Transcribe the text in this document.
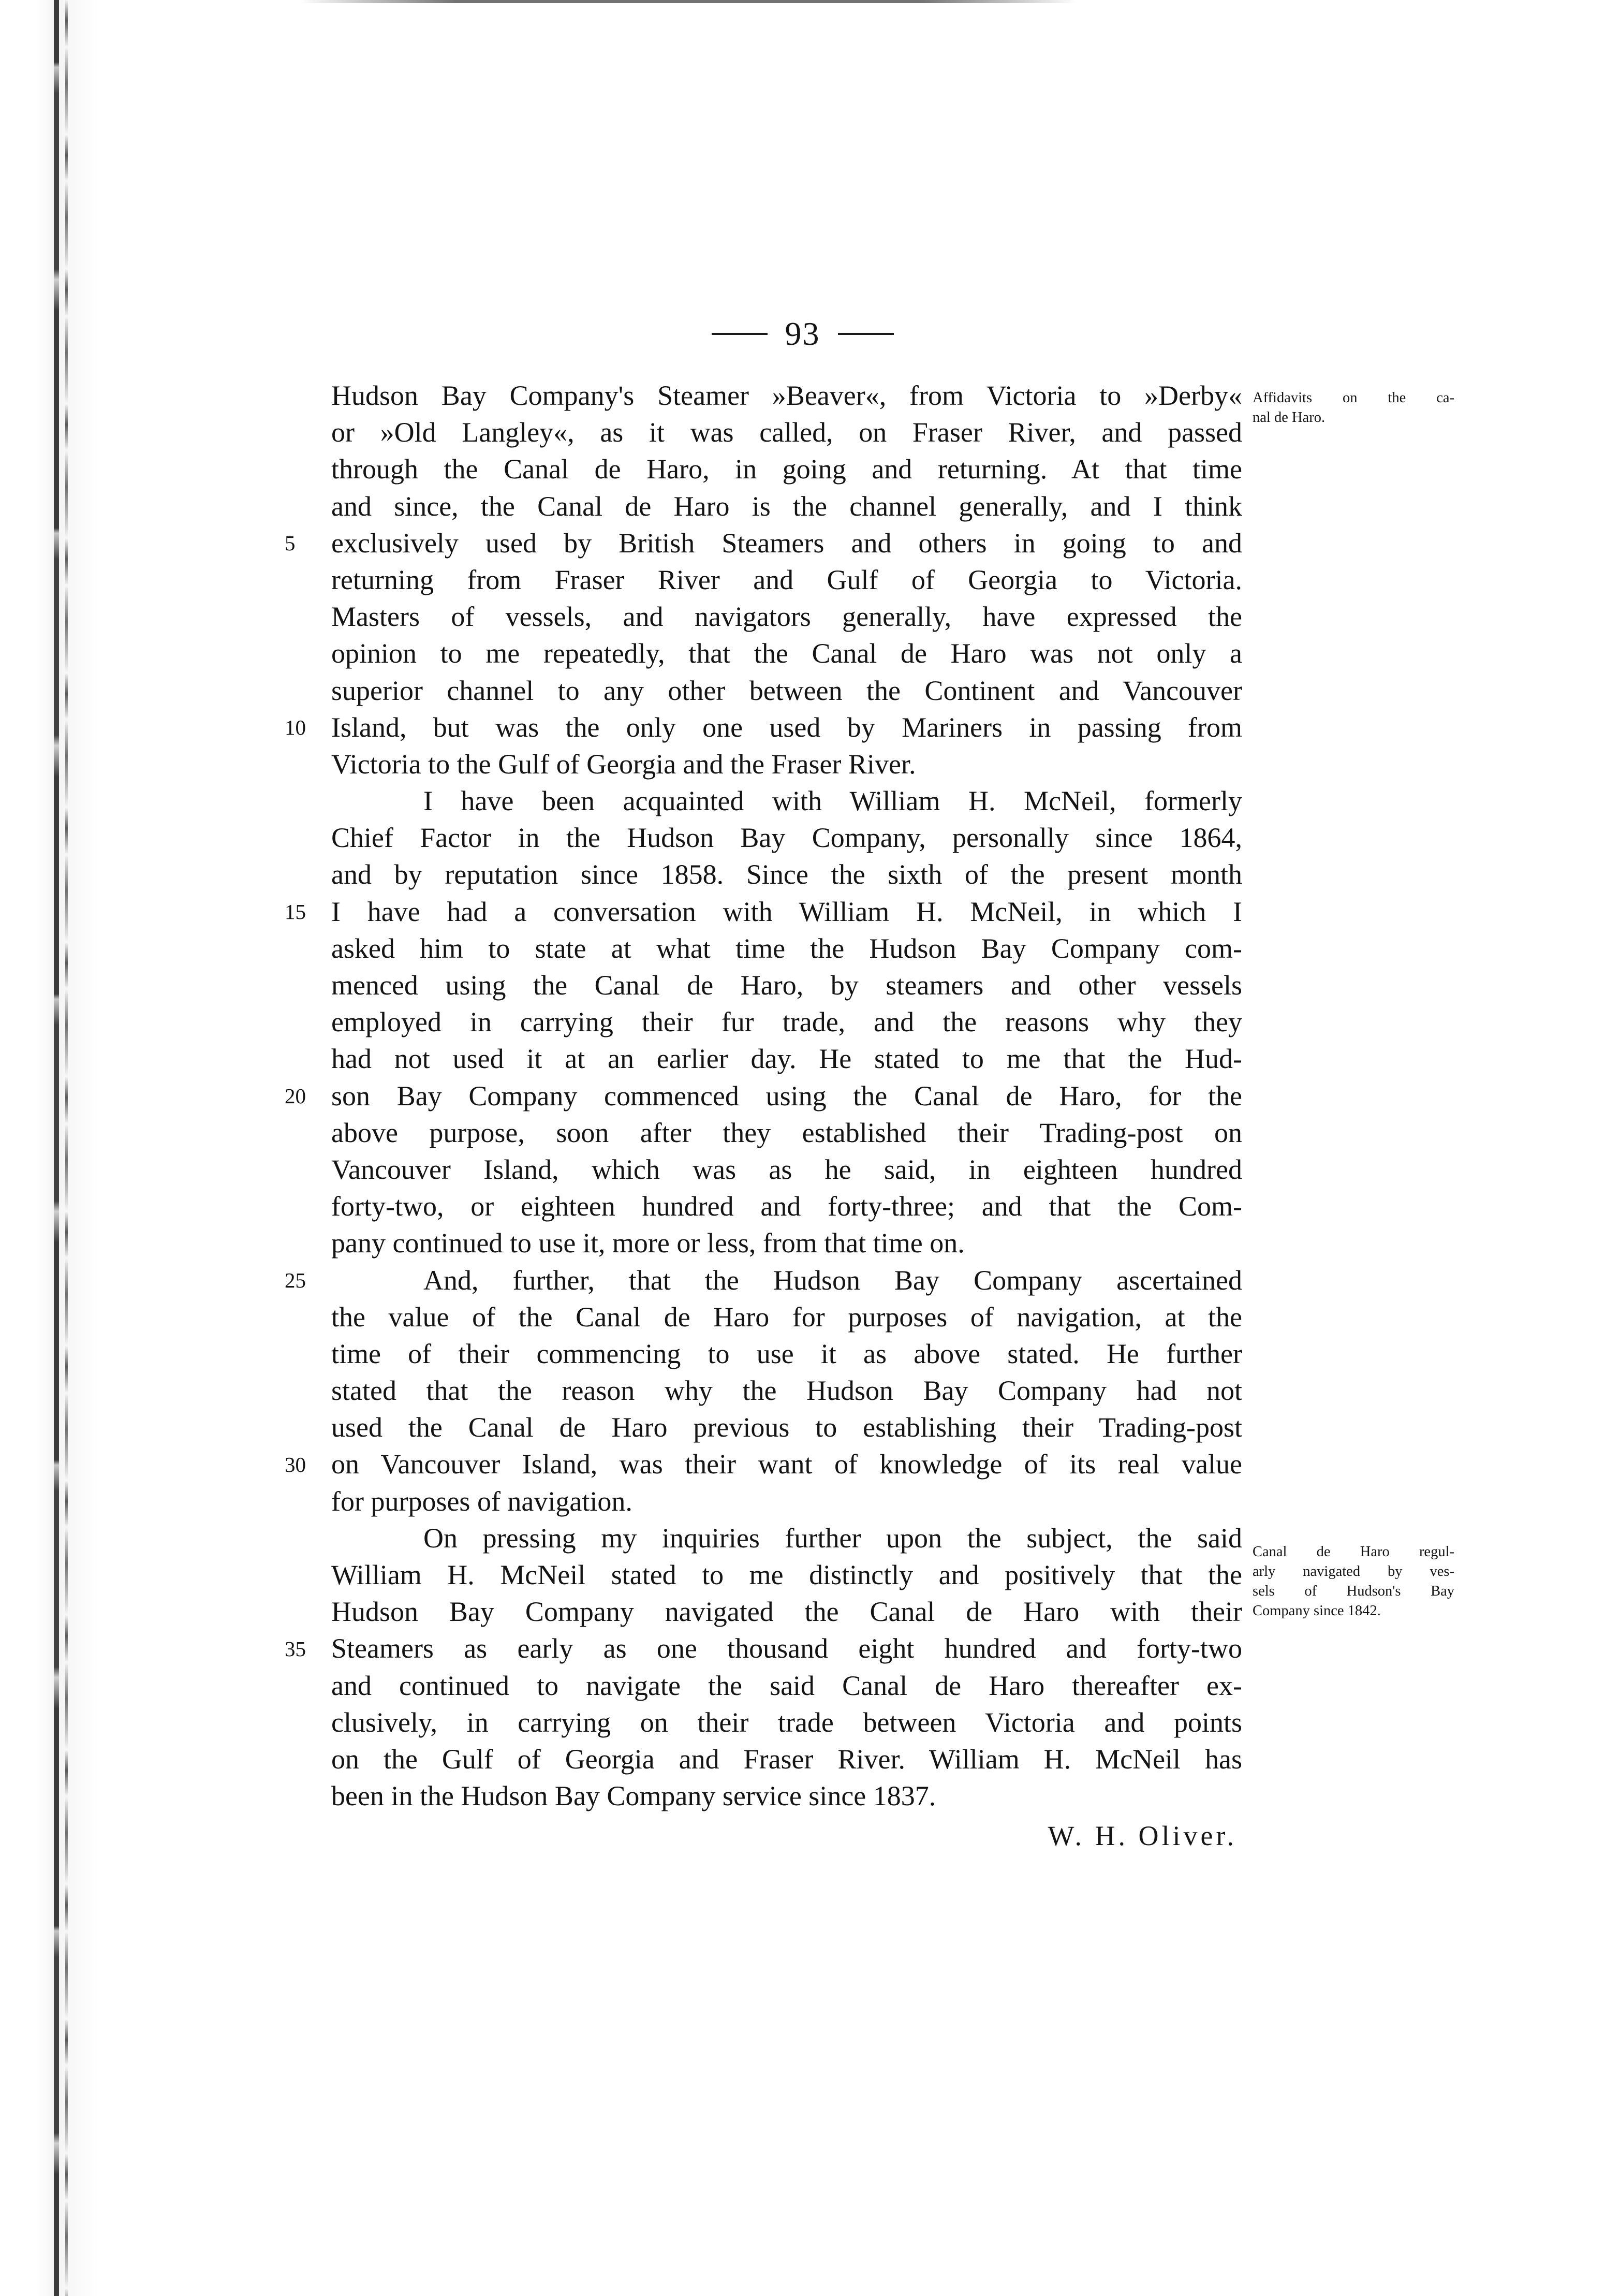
93
5
10
15
20
25
30
35
Hudson Bay Company's Steamer »Beaver«, from Victoria to »Derby«
or »Old Langley«, as it was called, on Fraser River, and passed
through the Canal de Haro, in going and returning. At that time
and since, the Canal de Haro is the channel generally, and I think
exclusively used by British Steamers and others in going to and
returning from Fraser River and Gulf of Georgia to Victoria.
Masters of vessels, and navigators generally, have expressed the
opinion to me repeatedly, that the Canal de Haro was not only a
superior channel to any other between the Continent and Vancouver
Island, but was the only one used by Mariners in passing from
Victoria to the Gulf of Georgia and the Fraser River.
I have been acquainted with William H. McNeil, formerly
Chief Factor in the Hudson Bay Company, personally since 1864,
and by reputation since 1858. Since the sixth of the present month
I have had a conversation with William H. McNeil, in which I
asked him to state at what time the Hudson Bay Company com-
menced using the Canal de Haro, by steamers and other vessels
employed in carrying their fur trade, and the reasons why they
had not used it at an earlier day. He stated to me that the Hud-
son Bay Company commenced using the Canal de Haro, for the
above purpose, soon after they established their Trading-post on
Vancouver Island, which was as he said, in eighteen hundred
forty-two, or eighteen hundred and forty-three; and that the Com-
pany continued to use it, more or less, from that time on.
And, further, that the Hudson Bay Company ascertained
the value of the Canal de Haro for purposes of navigation, at the
time of their commencing to use it as above stated. He further
stated that the reason why the Hudson Bay Company had not
used the Canal de Haro previous to establishing their Trading-post
on Vancouver Island, was their want of knowledge of its real value
for purposes of navigation.
On pressing my inquiries further upon the subject, the said
William H. McNeil stated to me distinctly and positively that the
Hudson Bay Company navigated the Canal de Haro with their
Steamers as early as one thousand eight hundred and forty-two
and continued to navigate the said Canal de Haro thereafter ex-
clusively, in carrying on their trade between Victoria and points
on the Gulf of Georgia and Fraser River. William H. McNeil has
been in the Hudson Bay Company service since 1837.
W. H. Oliver.
Affidavits on the ca-
nal de Haro.
Canal de Haro regul-
arly navigated by ves-
sels of Hudson's Bay
Company since 1842.
